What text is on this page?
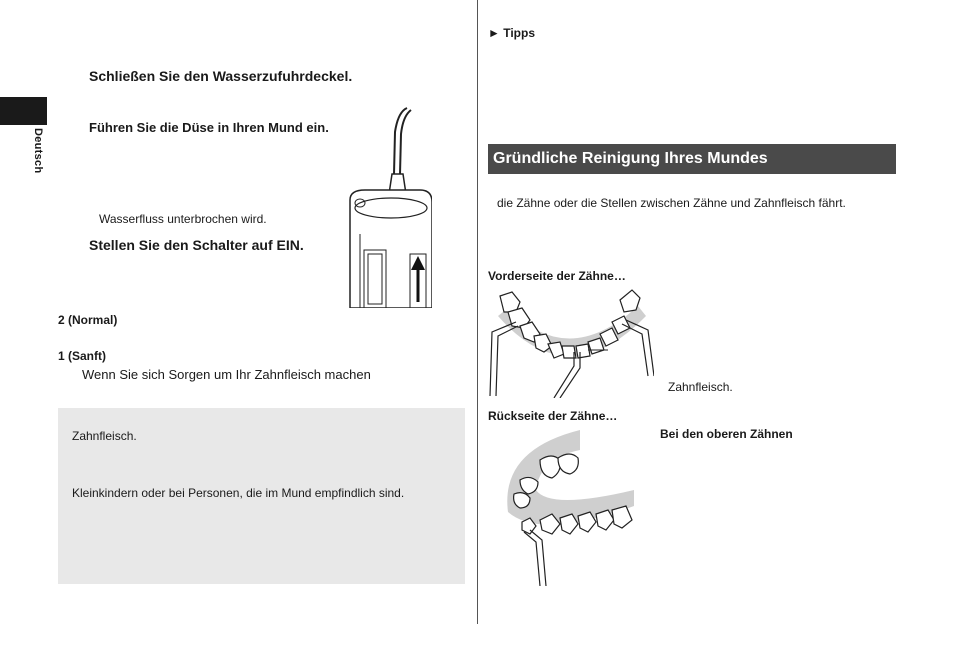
Deutsch
Schließen Sie den Wasserzufuhrdeckel.
Führen Sie die Düse in Ihren Mund ein.
Wasserfluss unterbrochen wird.
Stellen Sie den Schalter auf EIN.
2 (Normal)
1 (Sanft)
Wenn Sie sich Sorgen um Ihr Zahnfleisch machen
Zahnfleisch.
Kleinkindern oder bei Personen, die im Mund empfindlich sind.
► Tipps
Gründliche Reinigung Ihres Mundes
die Zähne oder die Stellen zwischen Zähne und Zahnfleisch fährt.
Vorderseite der Zähne…
Zahnfleisch.
Rückseite der Zähne…
Bei den oberen Zähnen
